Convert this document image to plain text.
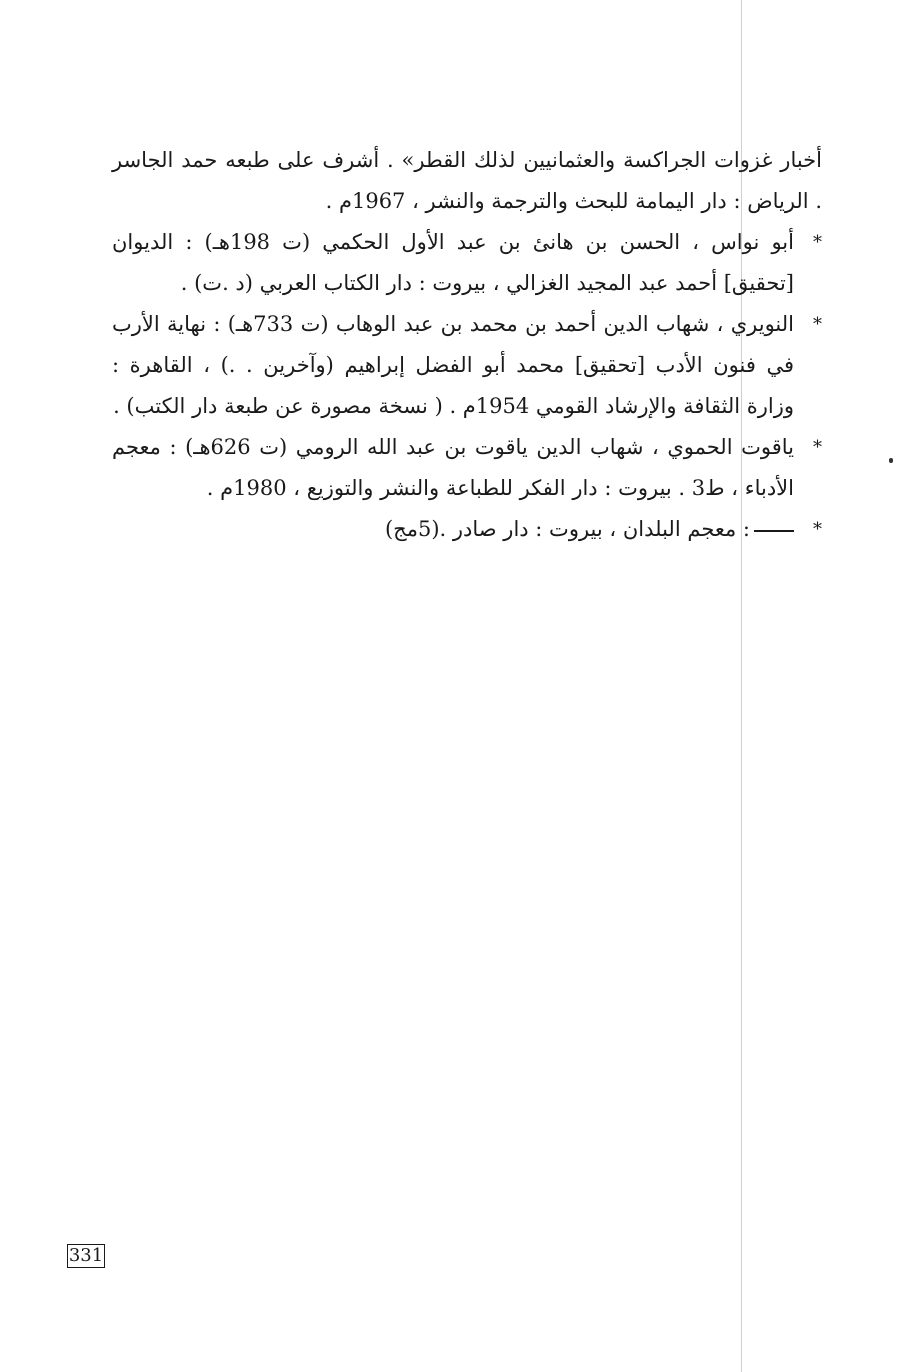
أخبار غزوات الجراكسة والعثمانيين لذلك القطر» . أشرف على طبعه حمد الجاسر . الرياض : دار اليمامة للبحث والترجمة والنشر ، 1967م .

*
أبو نواس ، الحسن بن هانئ بن عبد الأول الحكمي (ت 198هـ) : الديوان [تحقيق] أحمد عبد المجيد الغزالي ، بيروت : دار الكتاب العربي (د .ت) .

*
النويري ، شهاب الدين أحمد بن محمد بن عبد الوهاب (ت 733هـ) : نهاية الأرب في فنون الأدب [تحقيق] محمد أبو الفضل إبراهيم (وآخرين . .) ، القاهرة : وزارة الثقافة والإرشاد القومي 1954م . ( نسخة مصورة عن طبعة دار الكتب) .

*
ياقوت الحموي ، شهاب الدين ياقوت بن عبد الله الرومي (ت 626هـ) : معجم الأدباء ، ط3 . بيروت : دار الفكر للطباعة والنشر والتوزيع ، 1980م .

*
: معجم البلدان ، بيروت : دار صادر .(5مج)

331
